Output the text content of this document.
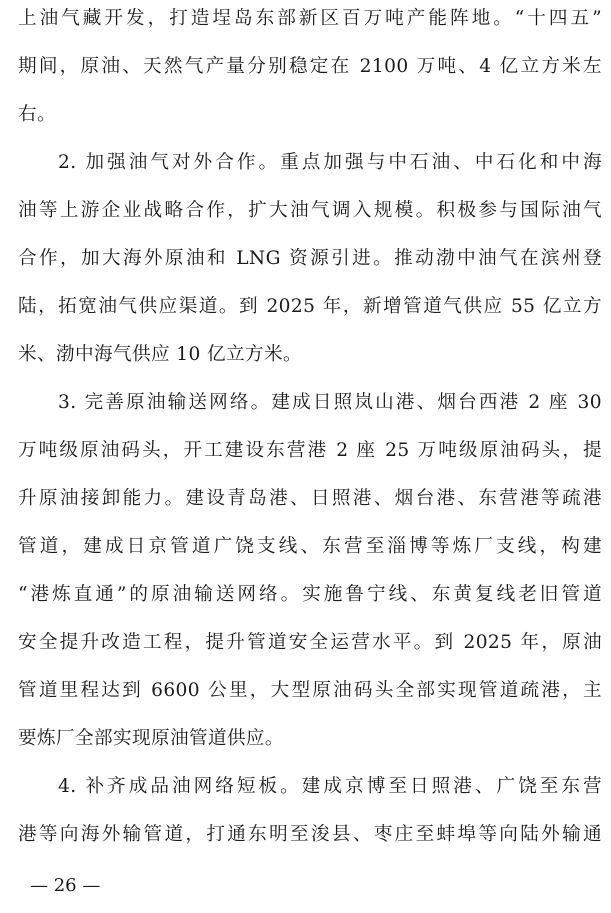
上油气藏开发，打造埕岛东部新区百万吨产能阵地。“十四五”
期间，原油、天然气产量分别稳定在 2100 万吨、4 亿立方米左
右。
2. 加强油气对外合作。重点加强与中石油、中石化和中海
油等上游企业战略合作，扩大油气调入规模。积极参与国际油气
合作，加大海外原油和 LNG 资源引进。推动渤中油气在滨州登
陆，拓宽油气供应渠道。到 2025 年，新增管道气供应 55 亿立方
米、渤中海气供应 10 亿立方米。
3. 完善原油输送网络。建成日照岚山港、烟台西港 2 座 30
万吨级原油码头，开工建设东营港 2 座 25 万吨级原油码头，提
升原油接卸能力。建设青岛港、日照港、烟台港、东营港等疏港
管道，建成日京管道广饶支线、东营至淄博等炼厂支线，构建
“港炼直通”的原油输送网络。实施鲁宁线、东黄复线老旧管道
安全提升改造工程，提升管道安全运营水平。到 2025 年，原油
管道里程达到 6600 公里，大型原油码头全部实现管道疏港，主
要炼厂全部实现原油管道供应。
4. 补齐成品油网络短板。建成京博至日照港、广饶至东营
港等向海外输管道，打通东明至浚县、枣庄至蚌埠等向陆外输通
— 26 —
